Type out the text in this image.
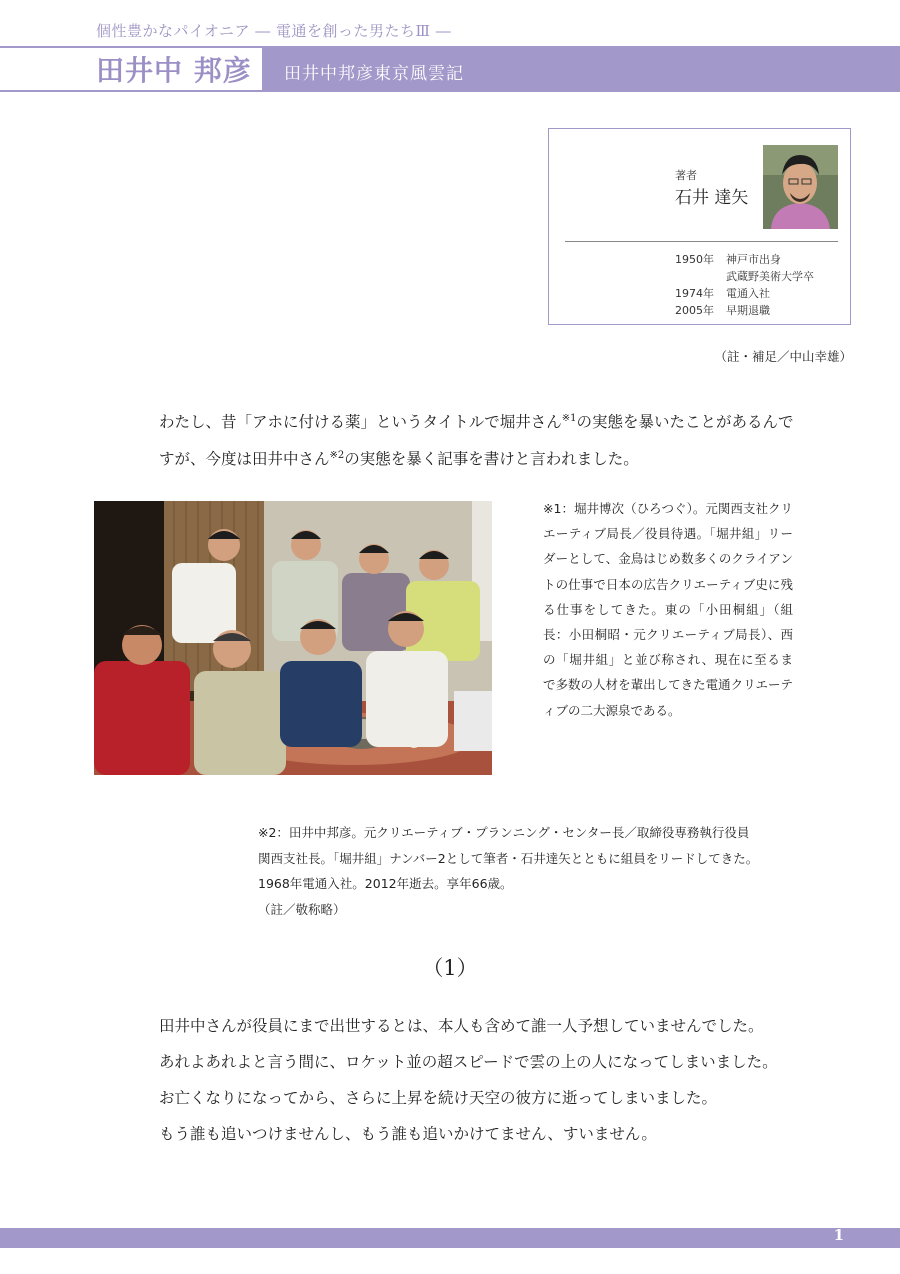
個性豊かなパイオニア ― 電通を創った男たちⅢ ―
田井中 邦彦 田井中邦彦東京風雲記
著者
石井 達矢
1950年 神戸市出身
武蔵野美術大学卒
1974年 電通入社
2005年 早期退職
（註・補足／中山幸雄）

わたし、昔「アホに付ける薬」というタイトルで堀井さん$^{※1}$の実態を暴いたことがあるんで

すが、今度は田井中さん$^{※2}$の実態を暴く記事を書けと言われました。

※1：堀井博次（ひろつぐ）。元関西支社クリエーティブ局長／役員待遇。「堀井組」リーダーとして、金鳥はじめ数多くのクライアントの仕事で日本の広告クリエーティブ史に残る仕事をしてきた。東の「小田桐組」（組長：小田桐昭・元クリエーティブ局長）、西の「堀井組」と並び称され、現在に至るまで多数の人材を輩出してきた電通クリエーティブの二大源泉である。
※2：田井中邦彦。元クリエーティブ・プランニング・センター長／取締役専務執行役員
関西支社長。「堀井組」ナンバー2として筆者・石井達矢とともに組員をリードしてきた。
1968年電通入社。2012年逝去。享年66歳。
（註／敬称略）
（1）

田井中さんが役員にまで出世するとは、本人も含めて誰一人予想していませんでした。

あれよあれよと言う間に、ロケット並の超スピードで雲の上の人になってしまいました。

お亡くなりになってから、さらに上昇を続け天空の彼方に逝ってしまいました。

もう誰も追いつけませんし、もう誰も追いかけてません、すいません。

1
